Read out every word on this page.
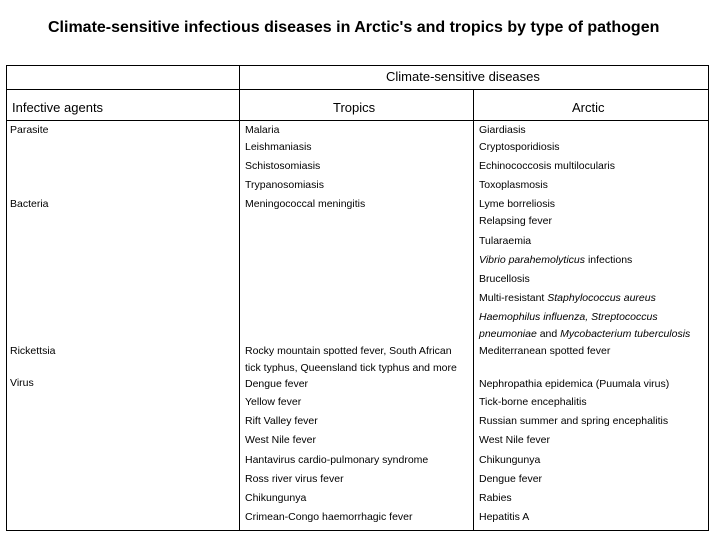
Climate-sensitive infectious diseases in Arctic's and tropics by type of pathogen
Climate-sensitive diseases
Infective agents	Tropics	Arctic
Parasite
Bacteria
Rickettsia
Virus
Malaria
Leishmaniasis
Schistosomiasis
Trypanosomiasis
Meningococcal meningitis
Rocky mountain spotted fever, South African
tick typhus, Queensland tick typhus and more
Dengue fever
Yellow fever
Rift Valley fever
West Nile fever
Hantavirus cardio-pulmonary syndrome
Ross river virus fever
Chikungunya
Crimean-Congo haemorrhagic fever
Giardiasis
Cryptosporidiosis
Echinococcosis multilocularis
Toxoplasmosis
Lyme borreliosis
Relapsing fever
Tularaemia
Vibrio parahemolyticus infections
Brucellosis
Multi-resistant Staphylococcus aureus
Haemophilus influenza, Streptococcus
pneumoniae and Mycobacterium tuberculosis
Mediterranean spotted fever
Nephropathia epidemica (Puumala virus)
Tick-borne encephalitis
Russian summer and spring encephalitis
West Nile fever
Chikungunya
Dengue fever
Rabies
Hepatitis A
